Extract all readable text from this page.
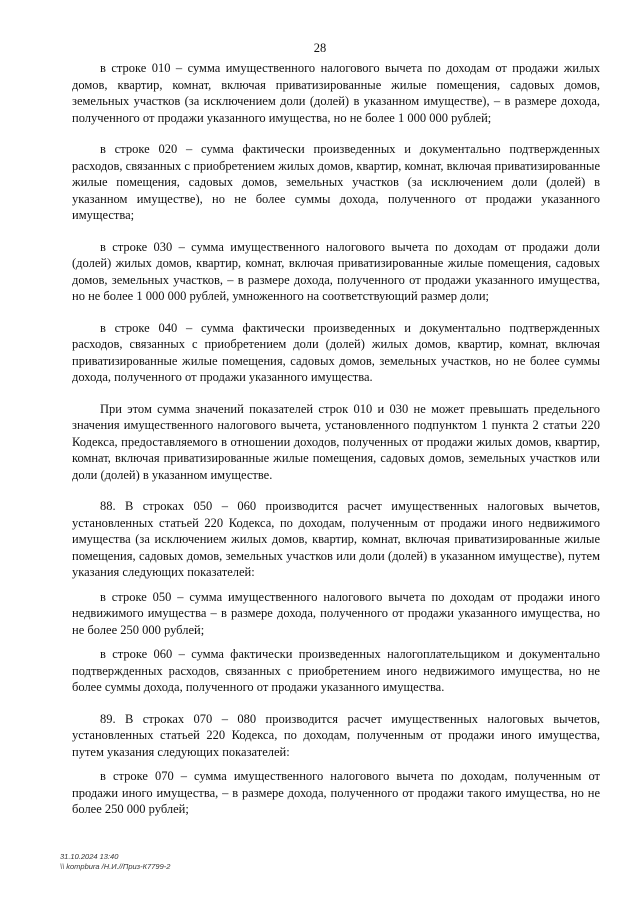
28

в строке 010 – сумма имущественного налогового вычета по доходам от продажи жилых домов, квартир, комнат, включая приватизированные жилые помещения, садовых домов, земельных участков (за исключением доли (долей) в указанном имуществе), – в размере дохода, полученного от продажи указанного имущества, но не более 1 000 000 рублей;

в строке 020 – сумма фактически произведенных и документально подтвержденных расходов, связанных с приобретением жилых домов, квартир, комнат, включая приватизированные жилые помещения, садовых домов, земельных участков (за исключением доли (долей) в указанном имуществе), но не более суммы дохода, полученного от продажи указанного имущества;

в строке 030 – сумма имущественного налогового вычета по доходам от продажи доли (долей) жилых домов, квартир, комнат, включая приватизированные жилые помещения, садовых домов, земельных участков, – в размере дохода, полученного от продажи указанного имущества, но не более 1 000 000 рублей, умноженного на соответствующий размер доли;

в строке 040 – сумма фактически произведенных и документально подтвержденных расходов, связанных с приобретением доли (долей) жилых домов, квартир, комнат, включая приватизированные жилые помещения, садовых домов, земельных участков, но не более суммы дохода, полученного от продажи указанного имущества.

При этом сумма значений показателей строк 010 и 030 не может превышать предельного значения имущественного налогового вычета, установленного подпунктом 1 пункта 2 статьи 220 Кодекса, предоставляемого в отношении доходов, полученных от продажи жилых домов, квартир, комнат, включая приватизированные жилые помещения, садовых домов, земельных участков или доли (долей) в указанном имуществе.

88. В строках 050 – 060 производится расчет имущественных налоговых вычетов, установленных статьей 220 Кодекса, по доходам, полученным от продажи иного недвижимого имущества (за исключением жилых домов, квартир, комнат, включая приватизированные жилые помещения, садовых домов, земельных участков или доли (долей) в указанном имуществе), путем указания следующих показателей:

в строке 050 – сумма имущественного налогового вычета по доходам от продажи иного недвижимого имущества – в размере дохода, полученного от продажи указанного имущества, но не более 250 000 рублей;

в строке 060 – сумма фактически произведенных налогоплательщиком и документально подтвержденных расходов, связанных с приобретением иного недвижимого имущества, но не более суммы дохода, полученного от продажи указанного имущества.

89. В строках 070 – 080 производится расчет имущественных налоговых вычетов, установленных статьей 220 Кодекса, по доходам, полученным от продажи иного имущества, путем указания следующих показателей:

в строке 070 – сумма имущественного налогового вычета по доходам, полученным от продажи иного имущества, – в размере дохода, полученного от продажи такого имущества, но не более 250 000 рублей;

31.10.2024 13:40
\\ kompbura /Н.И.//Приз-К7799-2
